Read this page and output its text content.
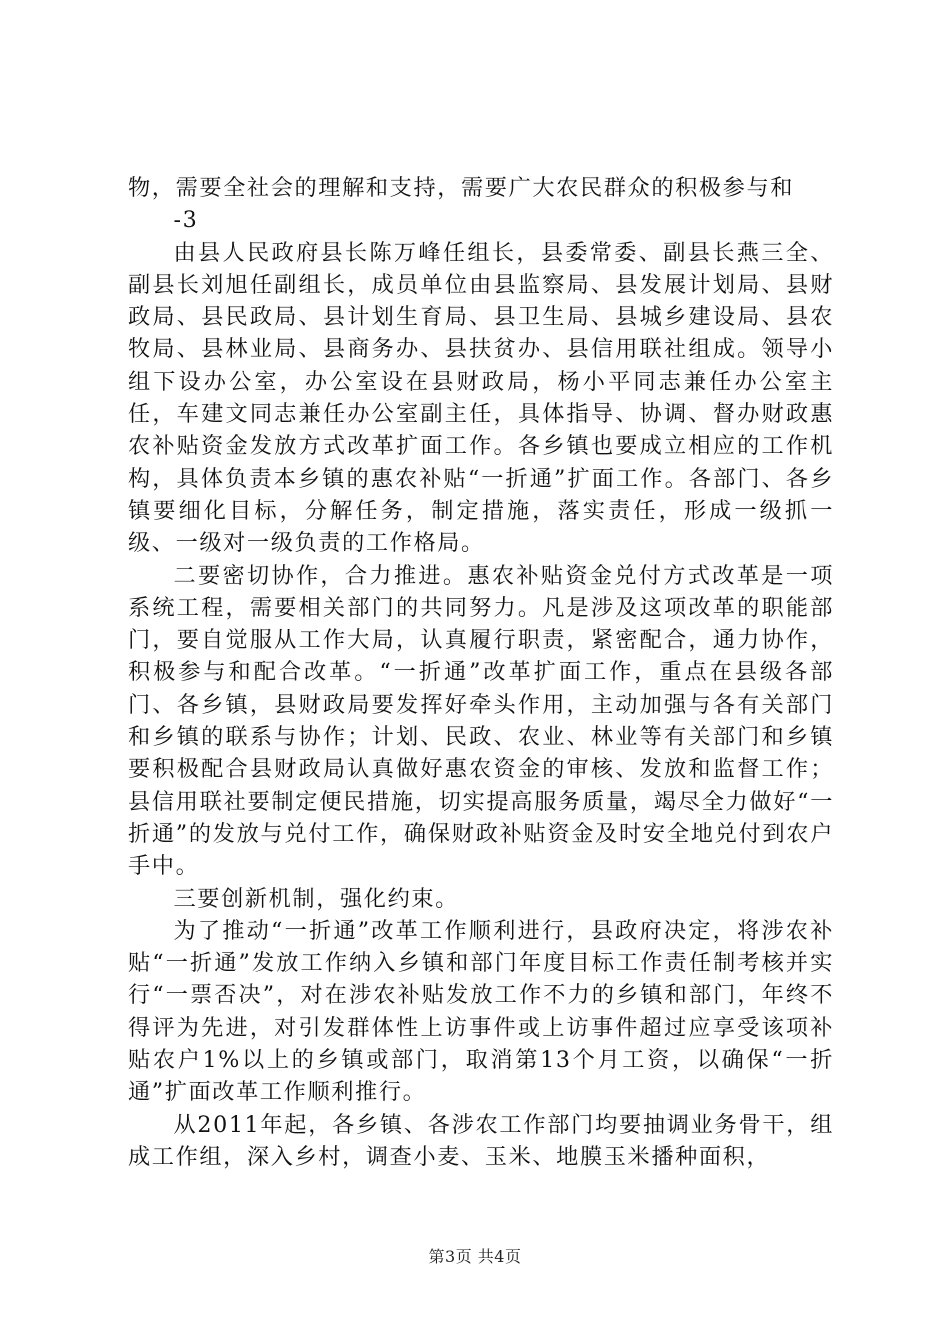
物，需要全社会的理解和支持，需要广大农民群众的积极参与和

-3

由县人民政府县长陈万峰任组长，县委常委、副县长燕三全、副县长刘旭任副组长，成员单位由县监察局、县发展计划局、县财政局、县民政局、县计划生育局、县卫生局、县城乡建设局、县农牧局、县林业局、县商务办、县扶贫办、县信用联社组成。领导小组下设办公室，办公室设在县财政局，杨小平同志兼任办公室主任，车建文同志兼任办公室副主任，具体指导、协调、督办财政惠农补贴资金发放方式改革扩面工作。各乡镇也要成立相应的工作机构，具体负责本乡镇的惠农补贴“一折通”扩面工作。各部门、各乡镇要细化目标，分解任务，制定措施，落实责任，形成一级抓一级、一级对一级负责的工作格局。

二要密切协作，合力推进。惠农补贴资金兑付方式改革是一项系统工程，需要相关部门的共同努力。凡是涉及这项改革的职能部门，要自觉服从工作大局，认真履行职责，紧密配合，通力协作，积极参与和配合改革。“一折通”改革扩面工作，重点在县级各部门、各乡镇，县财政局要发挥好牵头作用，主动加强与各有关部门和乡镇的联系与协作；计划、民政、农业、林业等有关部门和乡镇要积极配合县财政局认真做好惠农资金的审核、发放和监督工作；县信用联社要制定便民措施，切实提高服务质量，竭尽全力做好“一折通”的发放与兑付工作，确保财政补贴资金及时安全地兑付到农户手中。

三要创新机制，强化约束。

为了推动“一折通”改革工作顺利进行，县政府决定，将涉农补贴“一折通”发放工作纳入乡镇和部门年度目标工作责任制考核并实行“一票否决”，对在涉农补贴发放工作不力的乡镇和部门，年终不得评为先进，对引发群体性上访事件或上访事件超过应享受该项补贴农户1%以上的乡镇或部门，取消第13个月工资，以确保“一折通”扩面改革工作顺利推行。

从2011年起，各乡镇、各涉农工作部门均要抽调业务骨干，组成工作组，深入乡村，调查小麦、玉米、地膜玉米播种面积，

第3页 共4页
